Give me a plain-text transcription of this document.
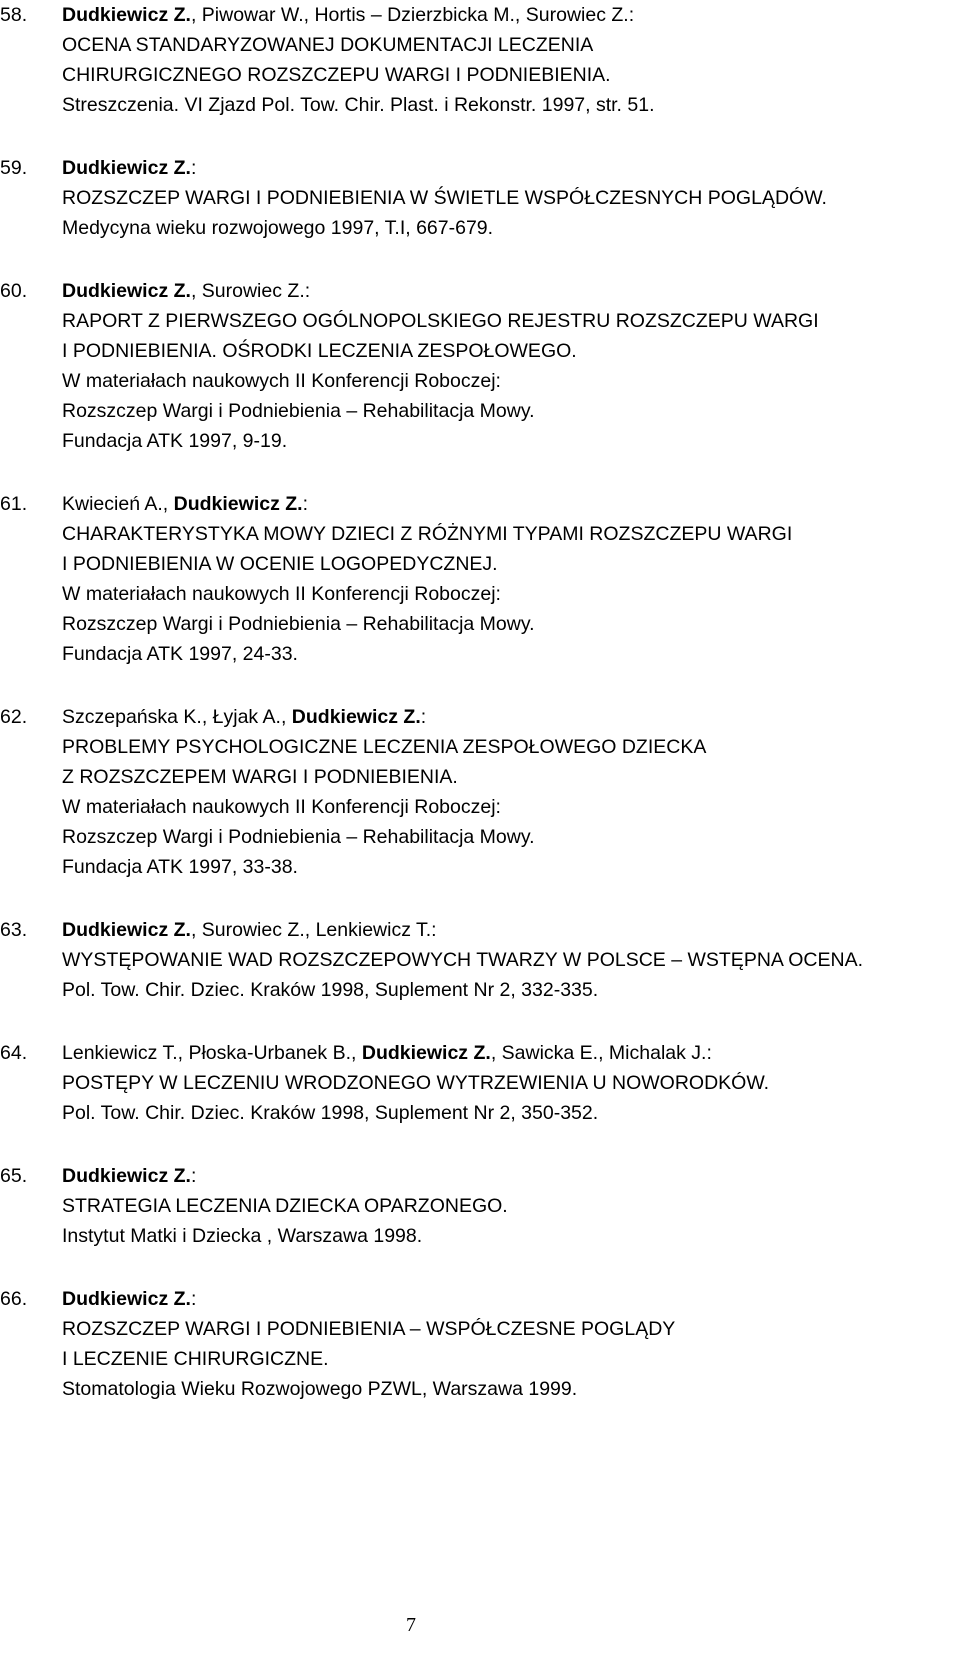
58. Dudkiewicz Z., Piwowar W., Hortis – Dzierzbicka M., Surowiec Z.:
OCENA STANDARYZOWANEJ DOKUMENTACJI LECZENIA
CHIRURGICZNEGO ROZSZCZEPU WARGI I PODNIEBIENIA.
Streszczenia. VI Zjazd Pol. Tow. Chir. Plast. i Rekonstr. 1997, str. 51.
59. Dudkiewicz Z.:
ROZSZCZEP WARGI I PODNIEBIENIA W ŚWIETLE WSPÓŁCZESNYCH POGLĄDÓW.
Medycyna wieku rozwojowego 1997, T.I, 667-679.
60. Dudkiewicz Z., Surowiec Z.:
RAPORT Z PIERWSZEGO OGÓLNOPOLSKIEGO REJESTRU ROZSZCZEPU WARGI
I PODNIEBIENIA. OŚRODKI LECZENIA ZESPOŁOWEGO.
W materiałach naukowych II Konferencji Roboczej:
Rozszczep Wargi i Podniebienia – Rehabilitacja Mowy.
Fundacja ATK 1997, 9-19.
61. Kwiecień A., Dudkiewicz Z.:
CHARAKTERYSTYKA MOWY DZIECI Z RÓŻNYMI TYPAMI ROZSZCZEPU WARGI
I PODNIEBIENIA W OCENIE LOGOPEDYCZNEJ.
W materiałach naukowych II Konferencji Roboczej:
Rozszczep Wargi i Podniebienia – Rehabilitacja Mowy.
Fundacja ATK 1997, 24-33.
62. Szczepańska K., Łyjak A., Dudkiewicz Z.:
PROBLEMY PSYCHOLOGICZNE LECZENIA ZESPOŁOWEGO DZIECKA
Z ROZSZCZEPEM WARGI I PODNIEBIENIA.
W materiałach naukowych II Konferencji Roboczej:
Rozszczep Wargi i Podniebienia – Rehabilitacja Mowy.
Fundacja ATK 1997, 33-38.
63. Dudkiewicz Z., Surowiec Z., Lenkiewicz T.:
WYSTĘPOWANIE WAD ROZSZCZEPOWYCH TWARZY W POLSCE – WSTĘPNA OCENA.
Pol. Tow. Chir. Dziec. Kraków 1998, Suplement Nr 2, 332-335.
64. Lenkiewicz T., Płoska-Urbanek B., Dudkiewicz Z., Sawicka E., Michalak J.:
POSTĘPY W LECZENIU WRODZONEGO WYTRZEWIENIA U NOWORODKÓW.
Pol. Tow. Chir. Dziec. Kraków 1998, Suplement Nr 2, 350-352.
65. Dudkiewicz Z.:
STRATEGIA LECZENIA DZIECKA OPARZONEGO.
Instytut Matki i Dziecka , Warszawa 1998.
66. Dudkiewicz Z.:
ROZSZCZEP WARGI I PODNIEBIENIA – WSPÓŁCZESNE POGLĄDY
I LECZENIE CHIRURGICZNE.
Stomatologia Wieku Rozwojowego PZWL, Warszawa 1999.
7
